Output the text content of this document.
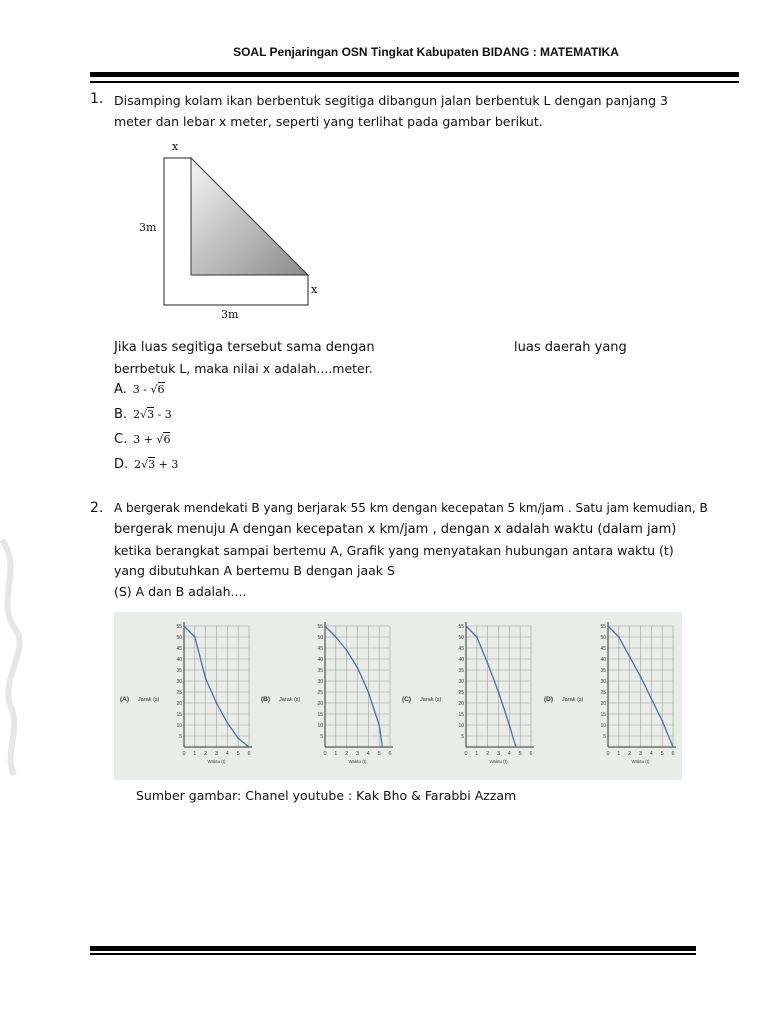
SOAL Penjaringan OSN Tingkat Kabupaten BIDANG : MATEMATIKA
1. Disamping kolam ikan berbentuk segitiga dibangun jalan berbentuk L dengan panjang 3
meter dan lebar x meter, seperti yang terlihat pada gambar berikut.
x
3m
x
3m
Jika luas segitiga tersebut sama dengan	luas daerah yang
berrbetuk L, maka nilai x adalah....meter.
A. 3 - √6
B. 2√3 - 3
C. 3 + √6
D. 2√3 + 3
2. A bergerak mendekati B yang berjarak 55 km dengan kecepatan 5 km/jam . Satu jam kemudian, B
bergerak menuju A dengan kecepatan x km/jam , dengan x adalah waktu (dalam jam)
ketika berangkat sampai bertemu A, Grafik yang menyatakan hubungan antara waktu (t)
yang dibutuhkan A bertemu B dengan jaak S
(S) A dan B adalah....
55
50
45
40
35
30
25
20
15
10
5
0 1 2 3 4 5 6
Waktu (t)
(A) Jarak (s)
55
50
45
40
35
30
25
20
15
10
5
0 1 2 3 4 5 6
Waktu (t)
(B) Jarak (s)
55
50
45
40
35
30
25
20
15
10
5
0 1 2 3 4 5 6
Waktu (t)
(C) Jarak (s)
55
50
45
40
35
30
25
20
15
10
5
0 1 2 3 4 5 6
Waktu (t)
(D) Jarak (s)
Sumber gambar: Chanel youtube : Kak Bho & Farabbi Azzam
